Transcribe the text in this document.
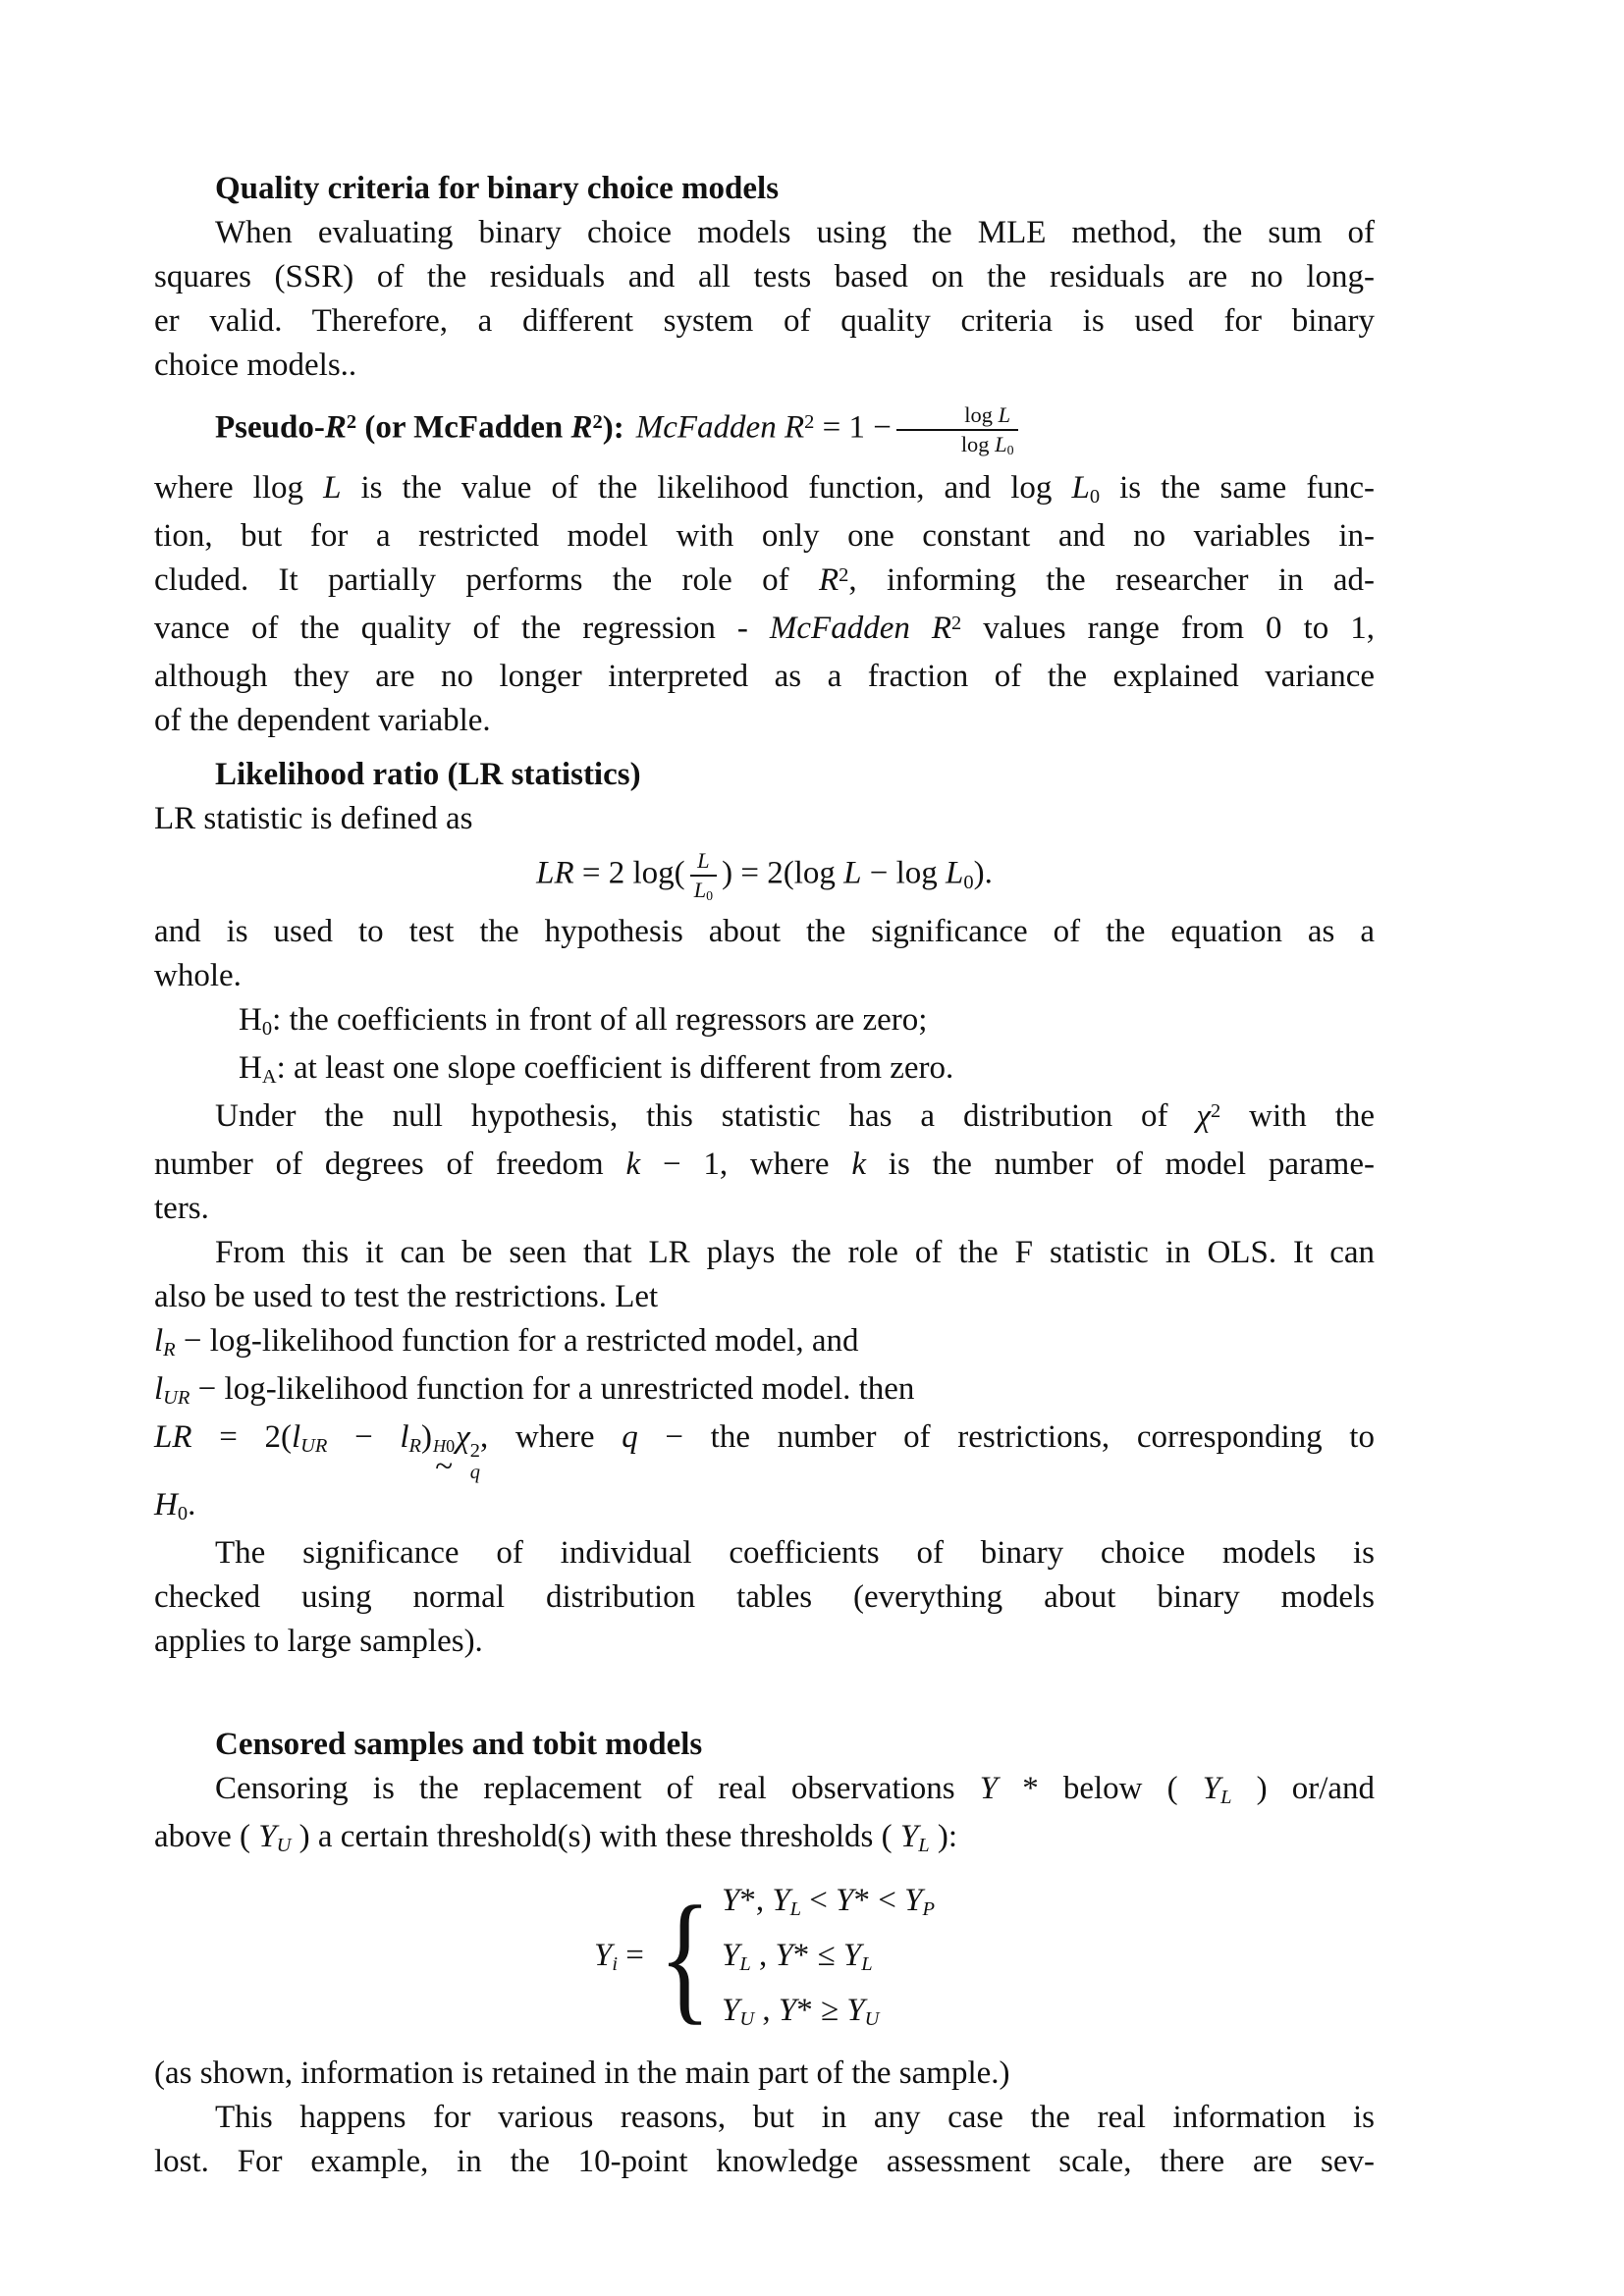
Quality criteria for binary choice models
When evaluating binary choice models using the MLE method, the sum of
squares (SSR) of the residuals and all tests based on the residuals are no long-
er valid. Therefore, a different system of quality criteria is used for binary
choice models..
Pseudo-$R^2$ (or McFadden $R^2$): McFadden $R^2 = 1 - \frac{\text{log L}}{\text{log L0}}$
where llog L is the value of the likelihood function, and log L0 is the same func-
tion, but for a restricted model with only one constant and no variables in-
cluded. It partially performs the role of $R^2$, informing the researcher in ad-
vance of the quality of the regression - McFadden $R^2$ values range from 0 to 1,
although they are no longer interpreted as a fraction of the explained variance
of the dependent variable.
Likelihood ratio (LR statistics)
LR statistic is defined as
LR = 2 $\log( \frac{L}{L0}$ ) = 2(log L − log L0).
and is used to test the hypothesis about the significance of the equation as a
whole.
H0: the coefficients in front of all regressors are zero;
HA: at least one slope coefficient is different from zero.
Under the null hypothesis, this statistic has a distribution of $\chi^2$ with the
number of degrees of freedom k − 1, where k is the number of model parame-
ters.
From this it can be seen that LR plays the role of the F statistic in OLS. It can
also be used to test the restrictions. Let
lR − log-likelihood function for a restricted model, and
lUR − log-likelihood function for a unrestricted model. then
LR = 2(lUR − lR) H0
~
χ 2
q
, where q − the number of restrictions, corresponding to
H0.
The significance of individual coefficients of binary choice models is
checked using normal distribution tables (everything about binary models
applies to large samples).
Censored samples and tobit models
Censoring is the replacement of real observations Y * below ( YL ) or/and
above ( YU ) a certain threshold(s) with these thresholds ( YL ):
Yi = { Y*, YL < Y* < YP
YL , Y* ≤ YL
YU , Y* ≥ YU
(as shown, information is retained in the main part of the sample.)
This happens for various reasons, but in any case the real information is
lost. For example, in the 10-point knowledge assessment scale, there are sev-
